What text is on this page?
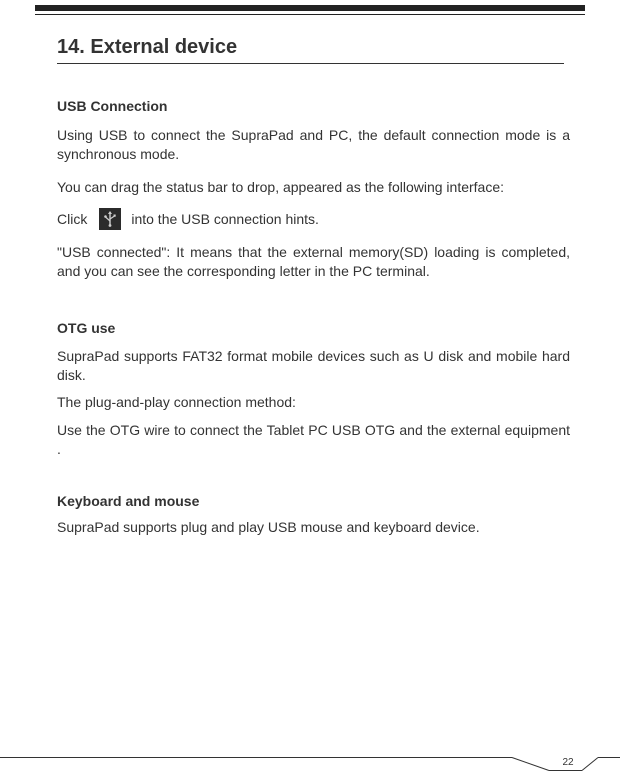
14. External device
USB Connection
Using USB to connect the SupraPad and PC, the default connection mode is a synchronous mode.
You can drag the status bar to drop, appeared as the following interface:
Click	into the USB connection hints.
"USB connected": It means that the external memory(SD) loading is completed, and you can see the corresponding letter in the PC terminal.
OTG use
SupraPad supports FAT32 format mobile devices such as U disk and mobile hard disk.
The plug-and-play connection method:
Use the OTG wire to connect the Tablet PC USB OTG and the external equipment .
Keyboard and mouse
SupraPad supports plug and play USB mouse and keyboard device.
22
